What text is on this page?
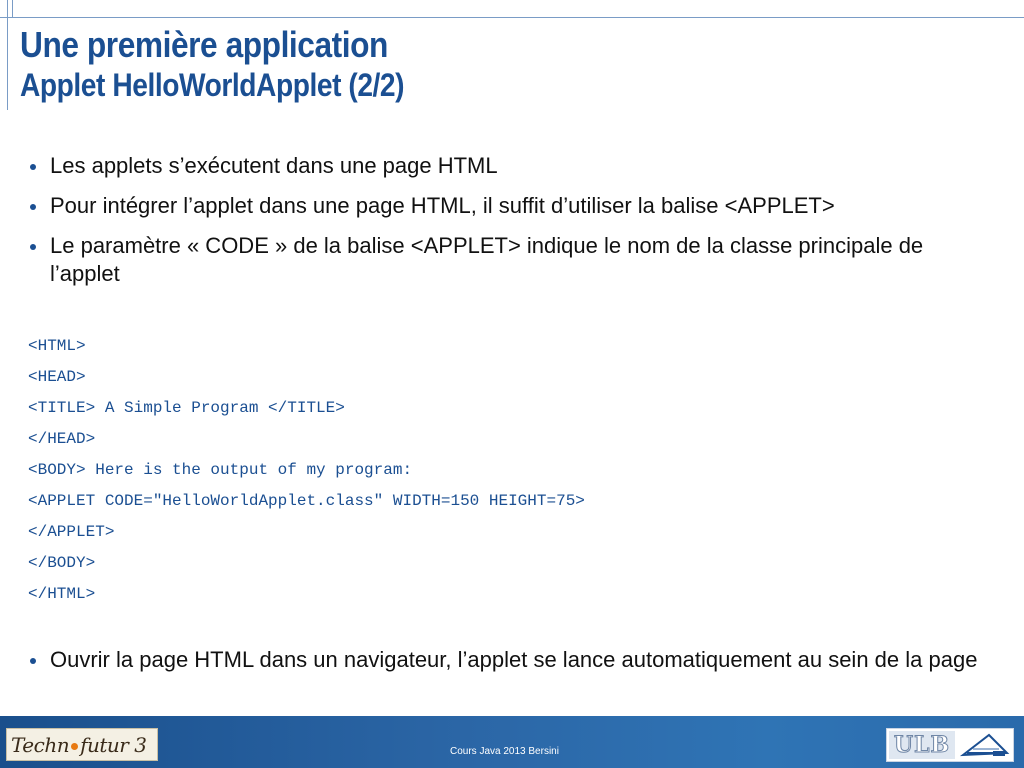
Une première application
Applet HelloWorldApplet (2/2)
Les applets s’exécutent dans une page HTML
Pour intégrer l’applet dans une page HTML, il suffit d’utiliser la balise <APPLET>
Le paramètre « CODE » de la balise <APPLET> indique le nom de la classe principale de l’applet
<HTML>
<HEAD>
<TITLE> A Simple Program </TITLE>
</HEAD>
<BODY> Here is the output of my program:
<APPLET CODE="HelloWorldApplet.class" WIDTH=150 HEIGHT=75>
</APPLET>
</BODY>
</HTML>
Ouvrir la page HTML dans un navigateur, l’applet se lance automatiquement au sein de la page
Techn futur 3	Cours Java 2013 Bersini	ULB
